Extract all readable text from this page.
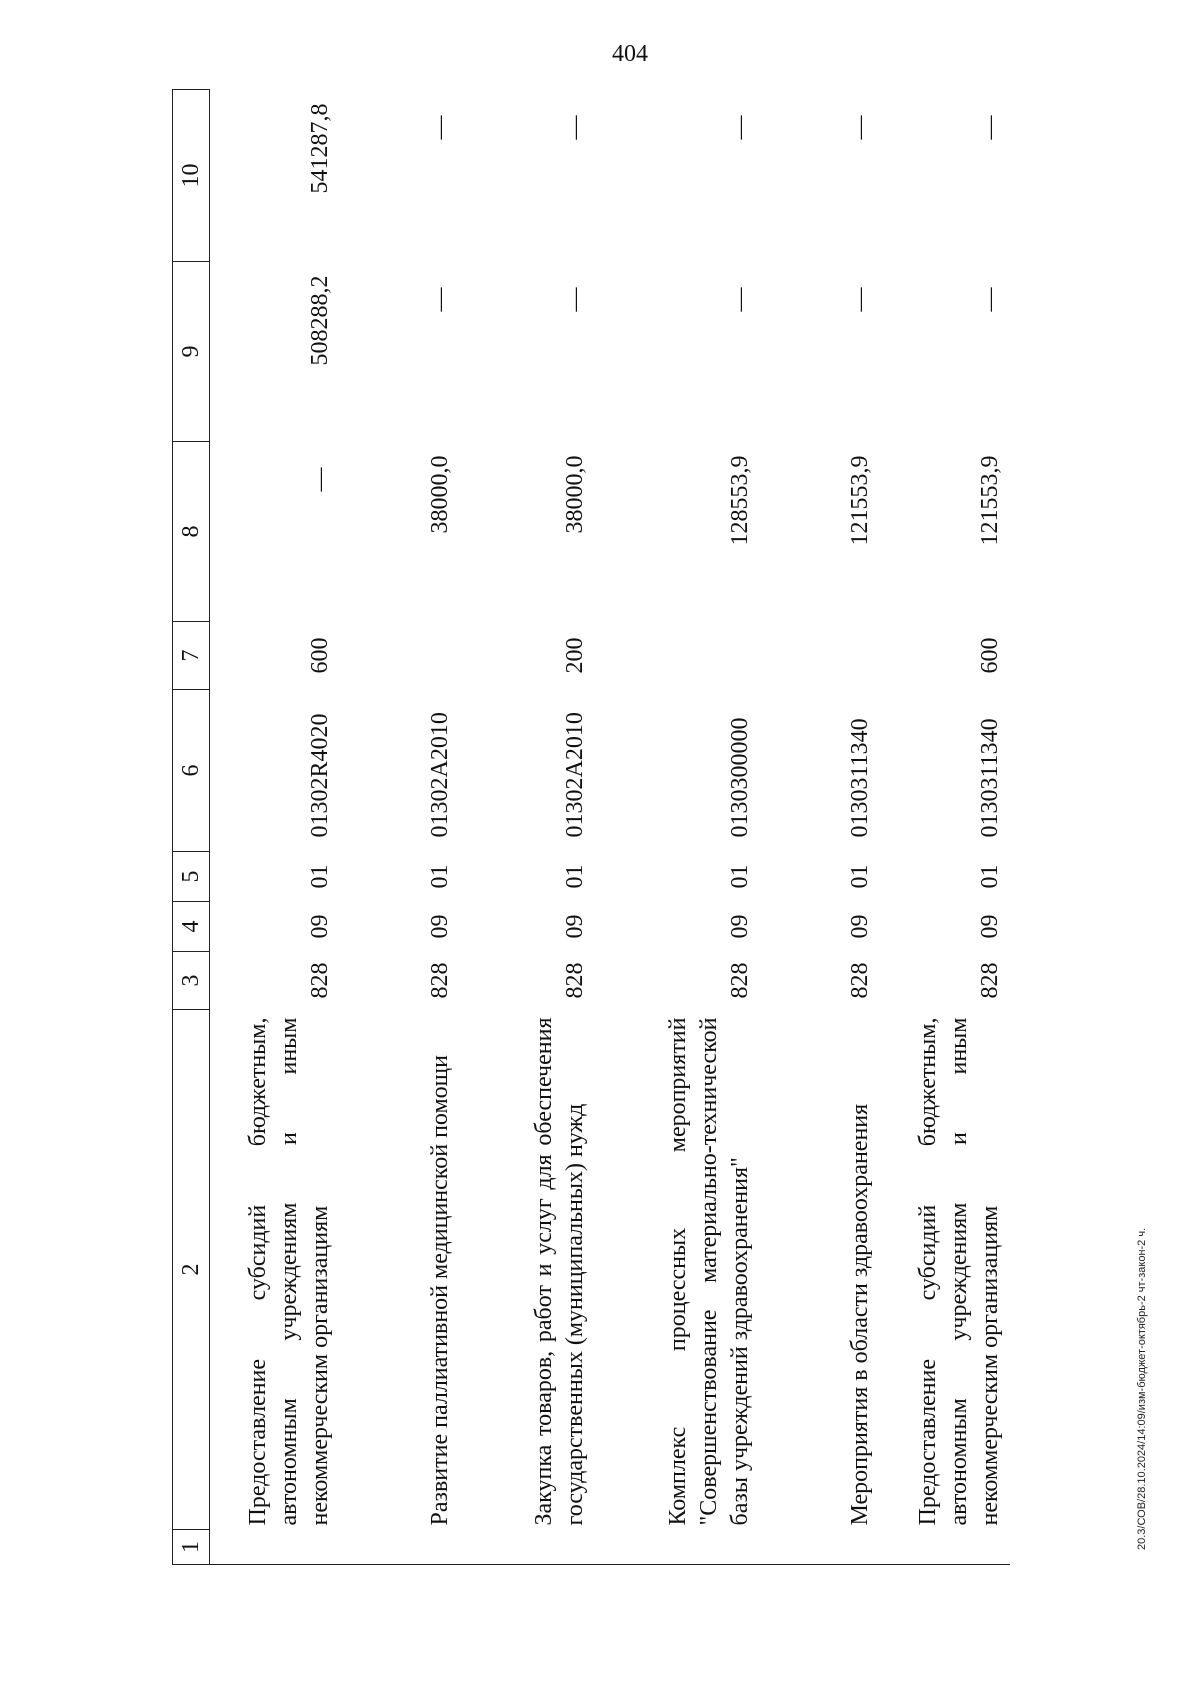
404
20.3/СОВ/28.10.2024/14:09/изм-бюджет-октябрь-2 чт-закон-2 ч.
1	2	3	4	5	6	7	8	9	10
	Предоставление субсидий бюджетным, автономным учреждениям и иным некоммерческим организациям	828	09	01	01302R4020	600	—	508288,2	541287,8
	Развитие паллиативной медицинской помощи	828	09	01	01302A2010		38000,0	—	—
	Закупка товаров, работ и услуг для обеспечения государственных (муниципальных) нужд	828	09	01	01302A2010	200	38000,0	—	—
	Комплекс процессных мероприятий "Совершенствование материально-технической базы учреждений здравоохранения"	828	09	01	0130300000		128553,9	—	—
	Мероприятия в области здравоохранения	828	09	01	0130311340		121553,9	—	—
	Предоставление субсидий бюджетным, автономным учреждениям и иным некоммерческим организациям	828	09	01	0130311340	600	121553,9	—	—
